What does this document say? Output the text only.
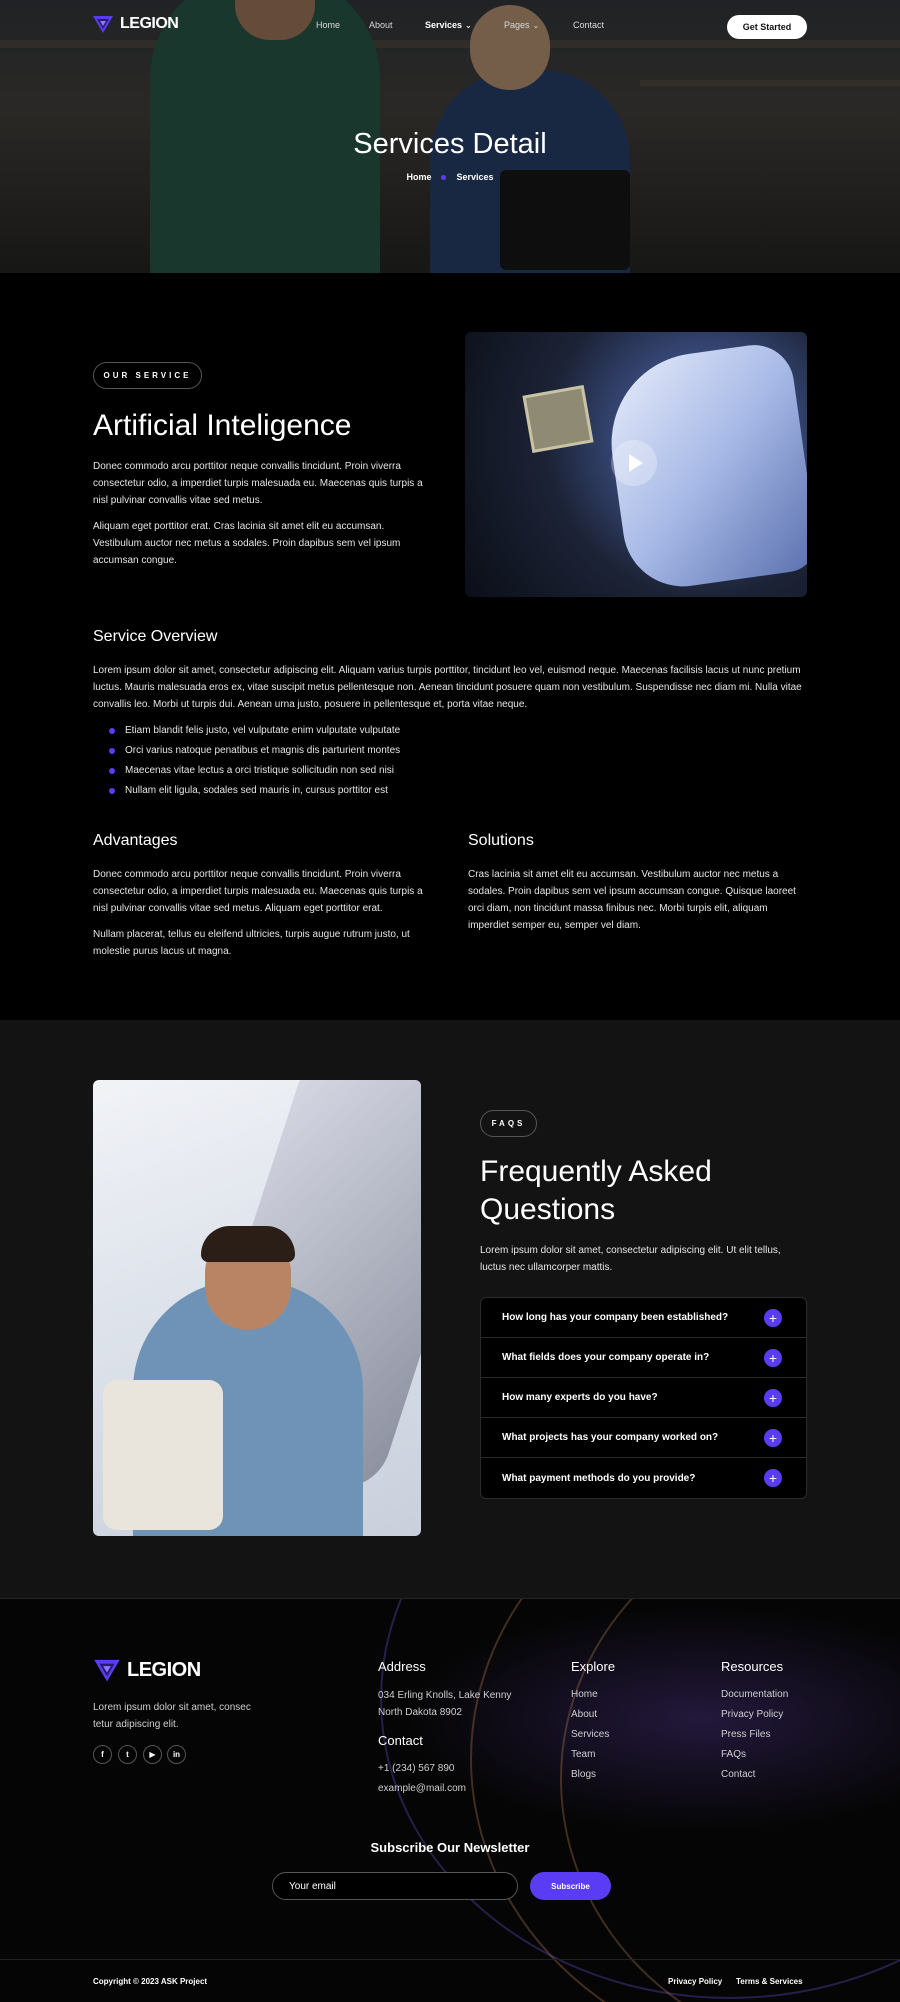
LEGION	Home	About	Services ⌄	Pages ⌄	Contact	Get Started
Services Detail
Home	Services
OUR SERVICE
Artificial Inteligence

Donec commodo arcu porttitor neque convallis tincidunt. Proin viverra consectetur odio, a imperdiet turpis malesuada eu. Maecenas quis turpis a nisl pulvinar convallis vitae sed metus.

Aliquam eget porttitor erat. Cras lacinia sit amet elit eu accumsan. Vestibulum auctor nec metus a sodales. Proin dapibus sem vel ipsum accumsan congue.

Service Overview

Lorem ipsum dolor sit amet, consectetur adipiscing elit. Aliquam varius turpis porttitor, tincidunt leo vel, euismod neque. Maecenas facilisis lacus ut nunc pretium luctus. Mauris malesuada eros ex, vitae suscipit metus pellentesque non. Aenean tincidunt posuere quam non vestibulum. Suspendisse nec diam mi. Nulla vitae convallis leo. Morbi ut turpis dui. Aenean urna justo, posuere in pellentesque et, porta vitae neque.

Etiam blandit felis justo, vel vulputate enim vulputate vulputate
Orci varius natoque penatibus et magnis dis parturient montes
Maecenas vitae lectus a orci tristique sollicitudin non sed nisi
Nullam elit ligula, sodales sed mauris in, cursus porttitor est
Advantages

Donec commodo arcu porttitor neque convallis tincidunt. Proin viverra consectetur odio, a imperdiet turpis malesuada eu. Maecenas quis turpis a nisl pulvinar convallis vitae sed metus. Aliquam eget porttitor erat.

Nullam placerat, tellus eu eleifend ultricies, turpis augue rutrum justo, ut molestie purus lacus ut magna.

Solutions

Cras lacinia sit amet elit eu accumsan. Vestibulum auctor nec metus a sodales. Proin dapibus sem vel ipsum accumsan congue. Quisque laoreet orci diam, non tincidunt massa finibus nec. Morbi turpis elit, aliquam imperdiet semper eu, semper vel diam.

FAQS
Frequently Asked
Questions

Lorem ipsum dolor sit amet, consectetur adipiscing elit. Ut elit tellus, luctus nec ullamcorper mattis.

How long has your company been established?	+
What fields does your company operate in?	+
How many experts do you have?	+
What projects has your company worked on?	+
What payment methods do you provide?	+
LEGION

Lorem ipsum dolor sit amet, consec tetur adipiscing elit.

f	t	▶	in
Address

034 Erling Knolls, Lake Kenny

North Dakota 8902

Contact
+1 (234) 567 890
example@mail.com
Explore
Home
About
Services
Team
Blogs
Resources
Documentation
Privacy Policy
Press Files
FAQs
Contact
Subscribe Our Newsletter
Your email
Subscribe
Copyright © 2023 ASK Project	Privacy Policy Terms & Services
